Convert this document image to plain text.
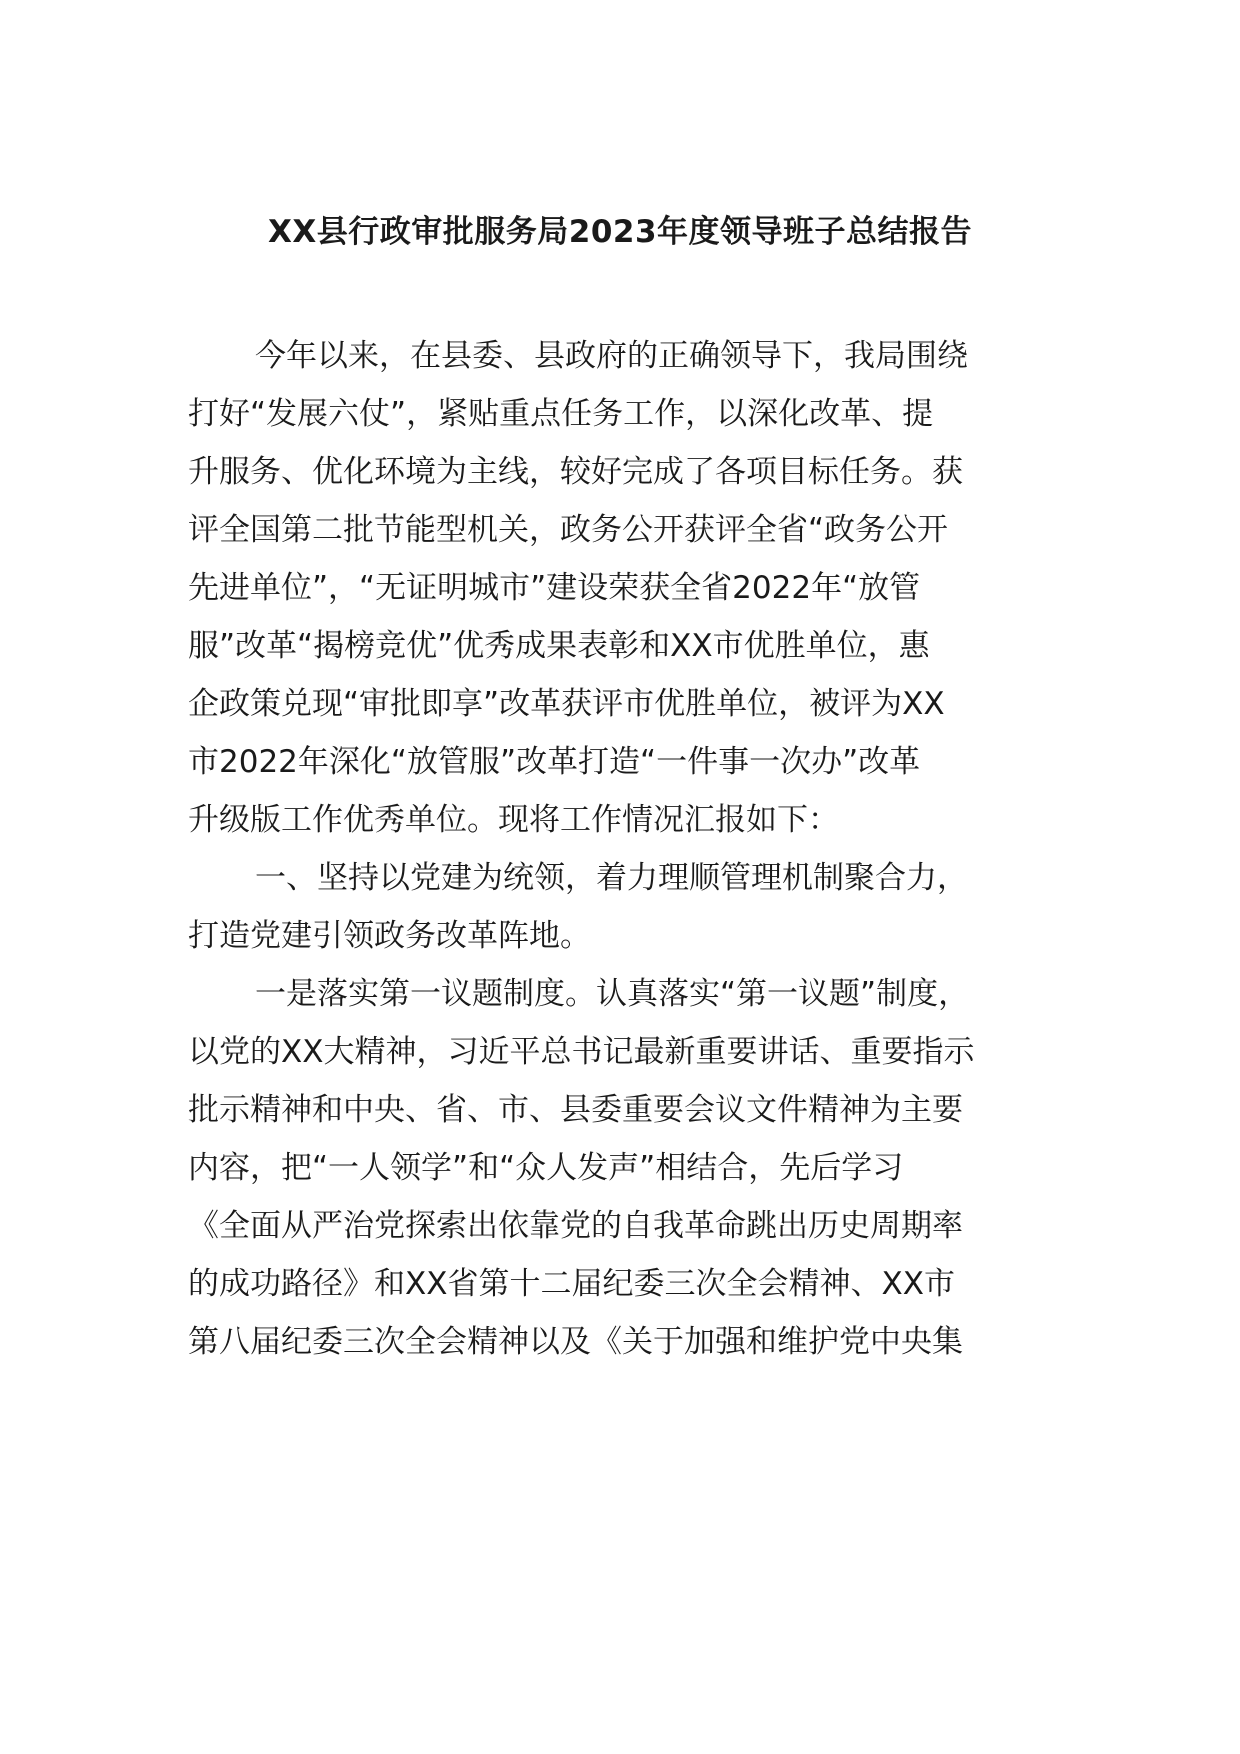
XX县行政审批服务局2023年度领导班子总结报告
今年以来，在县委、县政府的正确领导下，我局围绕
打好“发展六仗”，紧贴重点任务工作，以深化改革、提
升服务、优化环境为主线，较好完成了各项目标任务。获
评全国第二批节能型机关，政务公开获评全省“政务公开
先进单位”，“无证明城市”建设荣获全省2022年“放管
服”改革“揭榜竞优”优秀成果表彰和XX市优胜单位，惠
企政策兑现“审批即享”改革获评市优胜单位，被评为XX
市2022年深化“放管服”改革打造“一件事一次办”改革
升级版工作优秀单位。现将工作情况汇报如下：
一、坚持以党建为统领，着力理顺管理机制聚合力，
打造党建引领政务改革阵地。
一是落实第一议题制度。认真落实“第一议题”制度，
以党的XX大精神，习近平总书记最新重要讲话、重要指示
批示精神和中央、省、市、县委重要会议文件精神为主要
内容，把“一人领学”和“众人发声”相结合，先后学习
《全面从严治党探索出依靠党的自我革命跳出历史周期率
的成功路径》和XX省第十二届纪委三次全会精神、XX市
第八届纪委三次全会精神以及《关于加强和维护党中央集
